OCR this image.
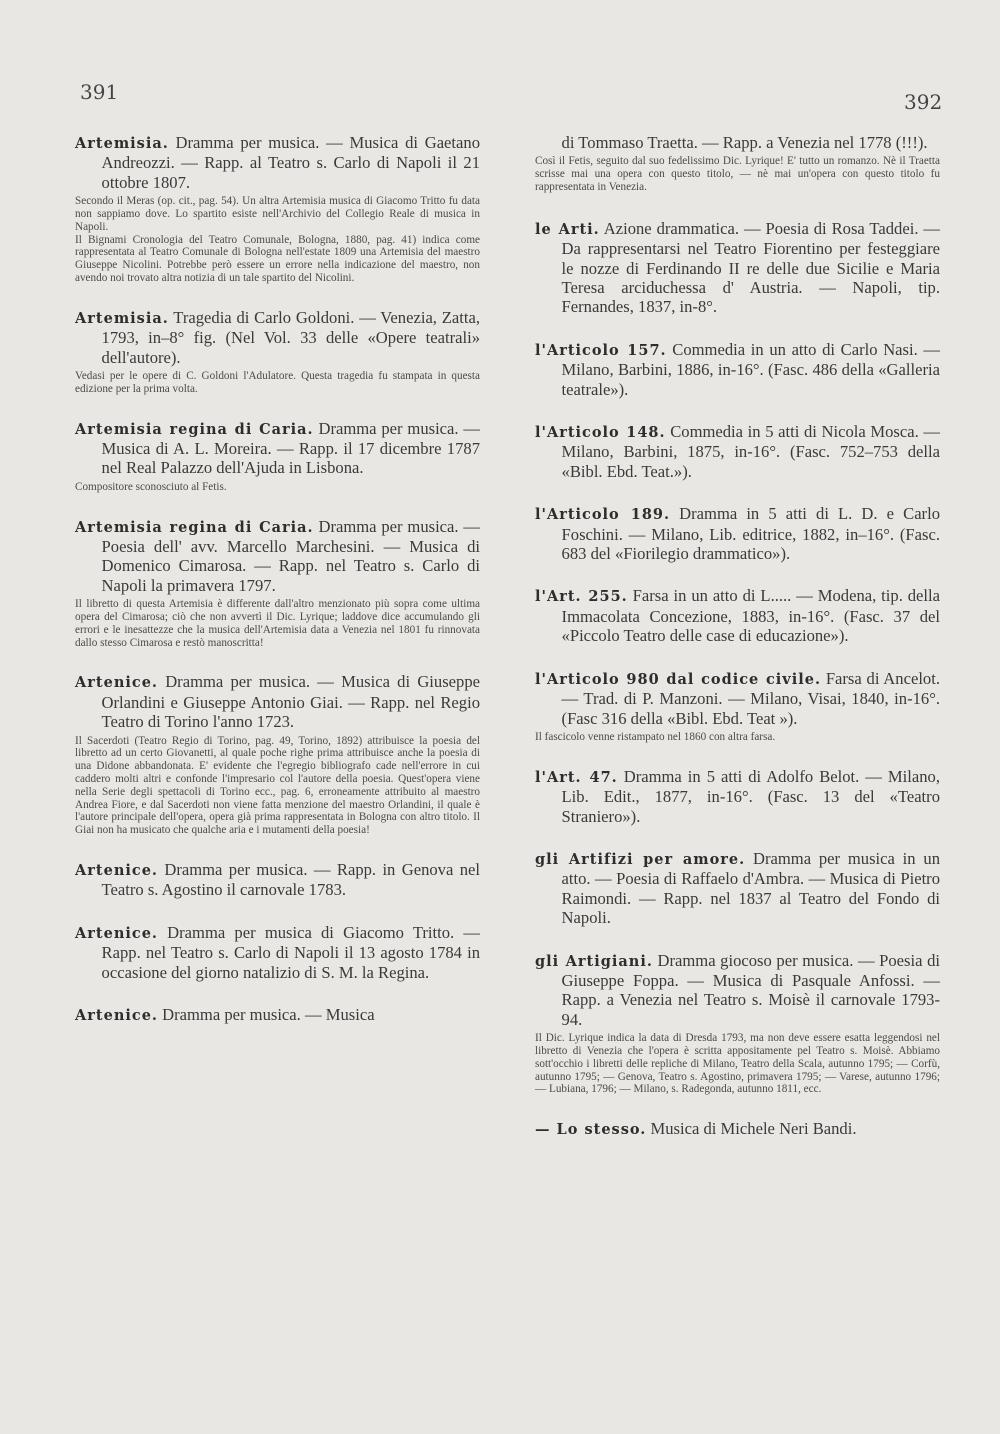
391	392

Artemisia. Dramma per musica. — Musica di Gaetano Andreozzi. — Rapp. al Teatro s. Carlo di Napoli il 21 ottobre 1807.

Secondo il Meras (op. cit., pag. 54). Un altra Artemisia musica di Giacomo Tritto fu data non sappiamo dove. Lo spartito esiste nell'Archivio del Collegio Reale di musica in Napoli.
Il Bignami Cronologia del Teatro Comunale, Bologna, 1880, pag. 41) indica come rappresentata al Teatro Comunale di Bologna nell'estate 1809 una Artemisia del maestro Giuseppe Nicolini. Potrebbe però essere un errore nella indicazione del maestro, non avendo noi trovato altra notizia di un tale spartito del Nicolini.

Artemisia. Tragedia di Carlo Goldoni. — Venezia, Zatta, 1793, in–8° fig. (Nel Vol. 33 delle «Opere teatrali» dell'autore).

Vedasi per le opere di C. Goldoni l'Adulatore. Questa tragedia fu stampata in questa edizione per la prima volta.

Artemisia regina di Caria. Dramma per musica. — Musica di A. L. Moreira. — Rapp. il 17 dicembre 1787 nel Real Palazzo dell'Ajuda in Lisbona.

Compositore sconosciuto al Fetis.

Artemisia regina di Caria. Dramma per musica. — Poesia dell' avv. Marcello Marchesini. — Musica di Domenico Cimarosa. — Rapp. nel Teatro s. Carlo di Napoli la primavera 1797.

Il libretto di questa Artemisia è differente dall'altro menzionato più sopra come ultima opera del Cimarosa; ciò che non avvertì il Dic. Lyrique; laddove dice accumulando gli errori e le inesattezze che la musica dell'Artemisia data a Venezia nel 1801 fu rinnovata dallo stesso Cimarosa e restò manoscritta!

Artenice. Dramma per musica. — Musica di Giuseppe Orlandini e Giuseppe Antonio Giai. — Rapp. nel Regio Teatro di Torino l'anno 1723.

Il Sacerdoti (Teatro Regio di Torino, pag. 49, Torino, 1892) attribuisce la poesia del libretto ad un certo Giovanetti, al quale poche righe prima attribuisce anche la poesia di una Didone abbandonata. E' evidente che l'egregio bibliografo cade nell'errore in cui caddero molti altri e confonde l'impresario col l'autore della poesia. Quest'opera viene nella Serie degli spettacoli di Torino ecc., pag. 6, erroneamente attribuito al maestro Andrea Fiore, e dal Sacerdoti non viene fatta menzione del maestro Orlandini, il quale è l'autore principale dell'opera, opera già prima rappresentata in Bologna con altro titolo. Il Giai non ha musicato che qualche aria e i mutamenti della poesia!

Artenice. Dramma per musica. — Rapp. in Genova nel Teatro s. Agostino il carnovale 1783.

Artenice. Dramma per musica di Giacomo Tritto. — Rapp. nel Teatro s. Carlo di Napoli il 13 agosto 1784 in occasione del giorno natalizio di S. M. la Regina.

Artenice. Dramma per musica. — Musica

di Tommaso Traetta. — Rapp. a Venezia nel 1778 (!!!).

Così il Fetis, seguito dal suo fedelissimo Dic. Lyrique! E' tutto un romanzo. Nè il Traetta scrisse mai una opera con questo titolo, — nè mai un'opera con questo titolo fu rappresentata in Venezia.

le Arti. Azione drammatica. — Poesia di Rosa Taddei. — Da rappresentarsi nel Teatro Fiorentino per festeggiare le nozze di Ferdinando II re delle due Sicilie e Maria Teresa arciduchessa d' Austria. — Napoli, tip. Fernandes, 1837, in-8°.

l'Articolo 157. Commedia in un atto di Carlo Nasi. — Milano, Barbini, 1886, in-16°. (Fasc. 486 della «Galleria teatrale»).

l'Articolo 148. Commedia in 5 atti di Nicola Mosca. — Milano, Barbini, 1875, in-16°. (Fasc. 752–753 della «Bibl. Ebd. Teat.»).

l'Articolo 189. Dramma in 5 atti di L. D. e Carlo Foschini. — Milano, Lib. editrice, 1882, in–16°. (Fasc. 683 del «Fiorilegio drammatico»).

l'Art. 255. Farsa in un atto di L..... — Modena, tip. della Immacolata Concezione, 1883, in-16°. (Fasc. 37 del «Piccolo Teatro delle case di educazione»).

l'Articolo 980 dal codice civile. Farsa di Ancelot. — Trad. di P. Manzoni. — Milano, Visai, 1840, in-16°. (Fasc 316 della «Bibl. Ebd. Teat »).

Il fascicolo venne ristampato nel 1860 con altra farsa.

l'Art. 47. Dramma in 5 atti di Adolfo Belot. — Milano, Lib. Edit., 1877, in-16°. (Fasc. 13 del «Teatro Straniero»).

gli Artifizi per amore. Dramma per musica in un atto. — Poesia di Raffaelo d'Ambra. — Musica di Pietro Raimondi. — Rapp. nel 1837 al Teatro del Fondo di Napoli.

gli Artigiani. Dramma giocoso per musica. — Poesia di Giuseppe Foppa. — Musica di Pasquale Anfossi. — Rapp. a Venezia nel Teatro s. Moisè il carnovale 1793-94.

Il Dic. Lyrique indica la data di Dresda 1793, ma non deve essere esatta leggendosi nel libretto di Venezia che l'opera è scritta appositamente pel Teatro s. Moisè. Abbiamo sott'occhio i libretti delle repliche di Milano, Teatro della Scala, autunno 1795; — Corfù, autunno 1795; — Genova, Teatro s. Agostino, primavera 1795; — Varese, autunno 1796; — Lubiana, 1796; — Milano, s. Radegonda, autunno 1811, ecc.

— Lo stesso. Musica di Michele Neri Bandi.
